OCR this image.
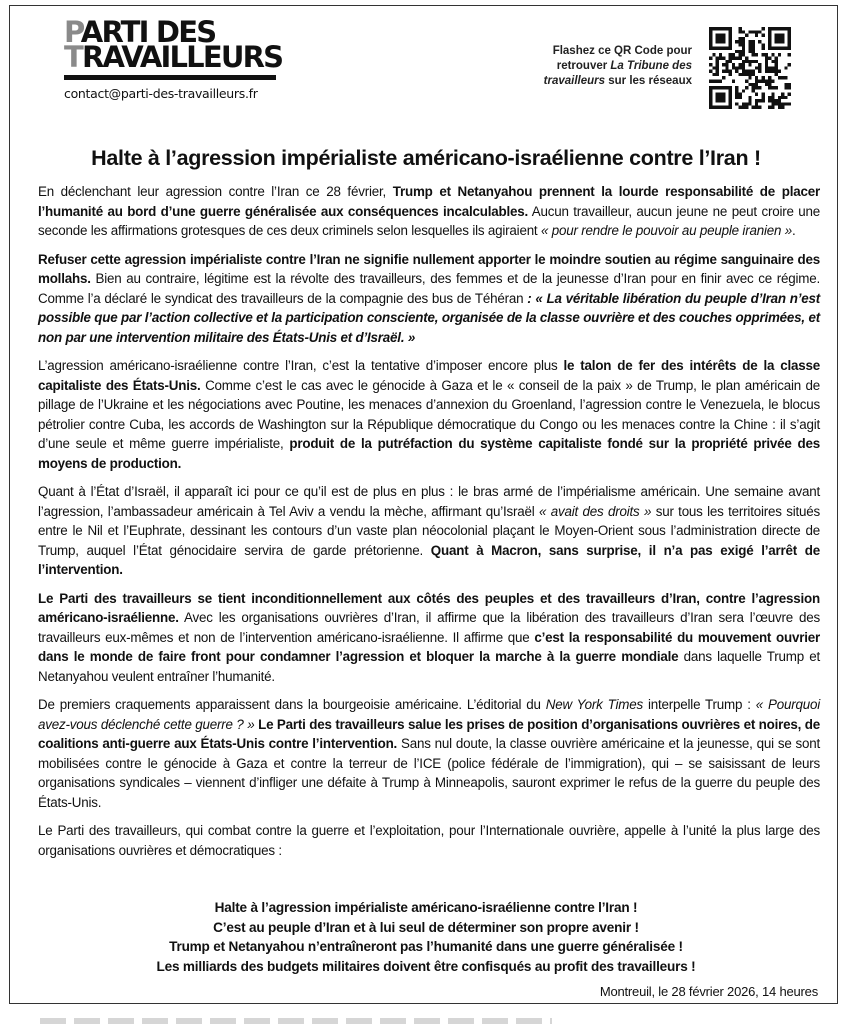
PARTI DES
TRAVAILLEURS
contact@parti-des-travailleurs.fr
Flashez ce QR Code pour
retrouver La Tribune des
travailleurs sur les réseaux
Halte à l’agression impérialiste américano-israélienne contre l’Iran !

En déclenchant leur agression contre l’Iran ce 28 février, Trump et Netanyahou prennent la lourde responsabilité de placer l’humanité au bord d’une guerre généralisée aux conséquences incalculables. Aucun travailleur, aucun jeune ne peut croire une seconde les affirmations grotesques de ces deux criminels selon lesquelles ils agiraient « pour rendre le pouvoir au peuple iranien ».

Refuser cette agression impérialiste contre l’Iran ne signifie nullement apporter le moindre soutien au régime sanguinaire des mollahs. Bien au contraire, légitime est la révolte des travailleurs, des femmes et de la jeunesse d’Iran pour en finir avec ce régime. Comme l’a déclaré le syndicat des travailleurs de la compagnie des bus de Téhéran : « La véritable libération du peuple d’Iran n’est possible que par l’action collective et la participation consciente, organisée de la classe ouvrière et des couches opprimées, et non par une intervention militaire des États-Unis et d’Israël. »

L’agression américano-israélienne contre l’Iran, c’est la tentative d’imposer encore plus le talon de fer des intérêts de la classe capitaliste des États-Unis. Comme c’est le cas avec le génocide à Gaza et le « conseil de la paix » de Trump, le plan américain de pillage de l’Ukraine et les négociations avec Poutine, les menaces d’annexion du Groenland, l’agression contre le Venezuela, le blocus pétrolier contre Cuba, les accords de Washington sur la République démocratique du Congo ou les menaces contre la Chine : il s’agit d’une seule et même guerre impérialiste, produit de la putréfaction du système capitaliste fondé sur la propriété privée des moyens de production.

Quant à l’État d’Israël, il apparaît ici pour ce qu’il est de plus en plus : le bras armé de l’impérialisme américain. Une semaine avant l’agression, l’ambassadeur américain à Tel Aviv a vendu la mèche, affirmant qu’Israël « avait des droits » sur tous les territoires situés entre le Nil et l’Euphrate, dessinant les contours d’un vaste plan néocolonial plaçant le Moyen-Orient sous l’administration directe de Trump, auquel l’État génocidaire servira de garde prétorienne. Quant à Macron, sans surprise, il n’a pas exigé l’arrêt de l’intervention.

Le Parti des travailleurs se tient inconditionnellement aux côtés des peuples et des travailleurs d’Iran, contre l’agression américano-israélienne. Avec les organisations ouvrières d’Iran, il affirme que la libération des travailleurs d’Iran sera l’œuvre des travailleurs eux-mêmes et non de l’intervention américano-israélienne. Il affirme que c’est la responsabilité du mouvement ouvrier dans le monde de faire front pour condamner l’agression et bloquer la marche à la guerre mondiale dans laquelle Trump et Netanyahou veulent entraîner l’humanité.

De premiers craquements apparaissent dans la bourgeoisie américaine. L’éditorial du New York Times interpelle Trump : « Pourquoi avez-vous déclenché cette guerre ? » Le Parti des travailleurs salue les prises de position d’organisations ouvrières et noires, de coalitions anti-guerre aux États-Unis contre l’intervention. Sans nul doute, la classe ouvrière américaine et la jeunesse, qui se sont mobilisées contre le génocide à Gaza et contre la terreur de l’ICE (police fédérale de l’immigration), qui – se saisissant de leurs organisations syndicales – viennent d’infliger une défaite à Trump à Minneapolis, sauront exprimer le refus de la guerre du peuple des États-Unis.

Le Parti des travailleurs, qui combat contre la guerre et l’exploitation, pour l’Internationale ouvrière, appelle à l’unité la plus large des organisations ouvrières et démocratiques :

Halte à l’agression impérialiste américano-israélienne contre l’Iran !
C’est au peuple d’Iran et à lui seul de déterminer son propre avenir !
Trump et Netanyahou n’entraîneront pas l’humanité dans une guerre généralisée !
Les milliards des budgets militaires doivent être confisqués au profit des travailleurs !
Montreuil, le 28 février 2026, 14 heures
